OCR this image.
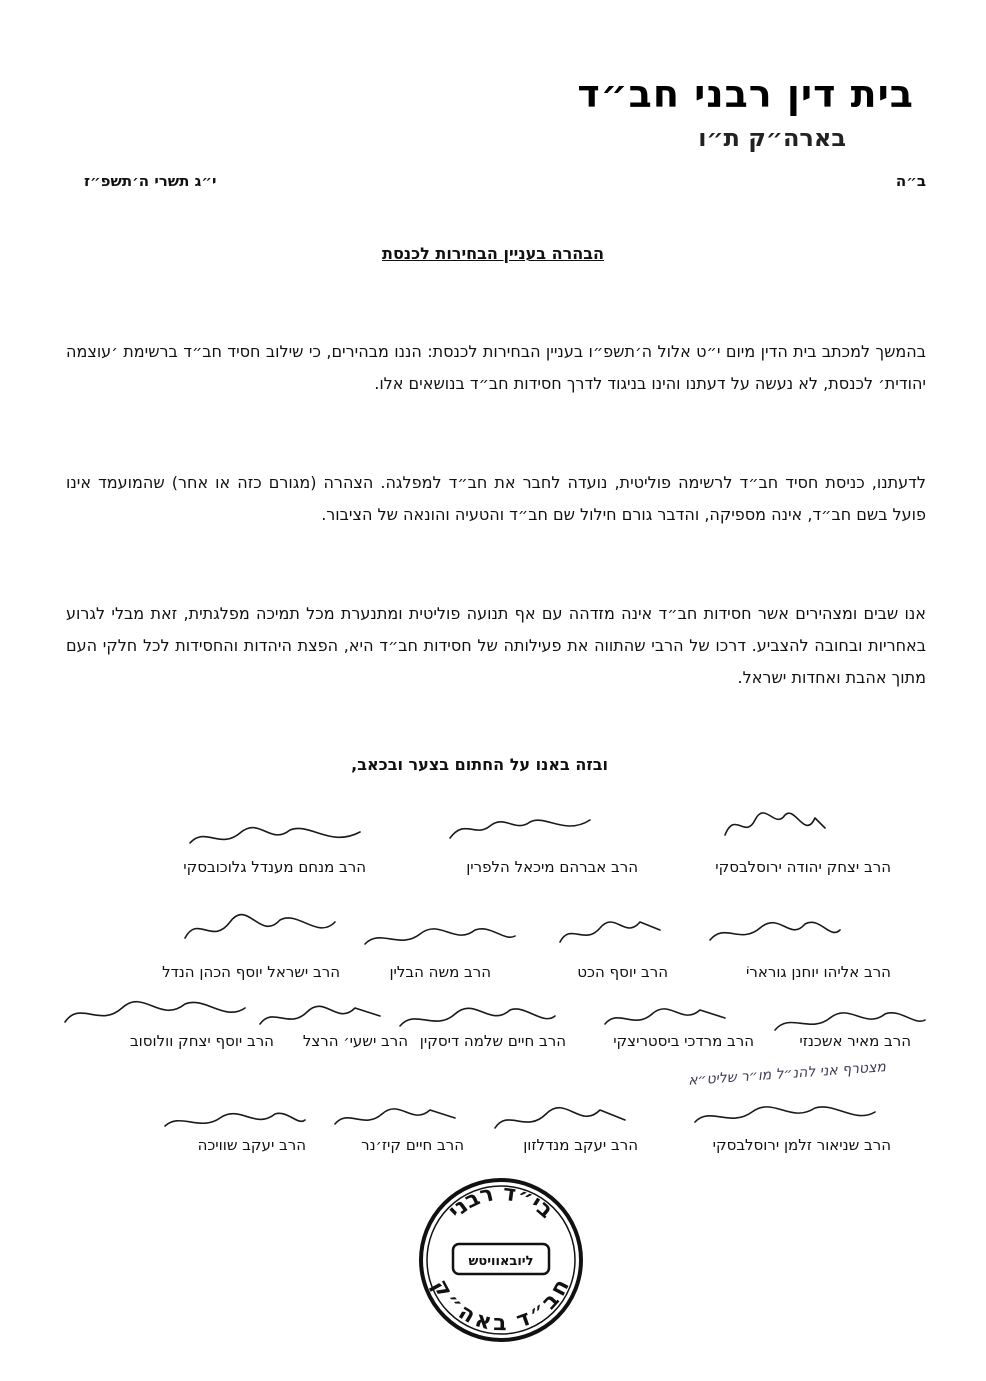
בית דין רבני חב״ד
בארה״ק ת״ו
ב״ה
י״ג תשרי ה׳תשפ״ז
הבהרה בעניין הבחירות לכנסת
בהמשך למכתב בית הדין מיום י״ט אלול ה׳תשפ״ו בעניין הבחירות לכנסת: הננו מבהירים, כי שילוב חסיד חב״ד ברשימת ׳עוצמה יהודית׳ לכנסת, לא נעשה על דעתנו והינו בניגוד לדרך חסידות חב״ד בנושאים אלו.
לדעתנו, כניסת חסיד חב״ד לרשימה פוליטית, נועדה לחבר את חב״ד למפלגה. הצהרה (מגורם כזה או אחר) שהמועמד אינו פועל בשם חב״ד, אינה מספיקה, והדבר גורם חילול שם חב״ד והטעיה והונאה של הציבור.
אנו שבים ומצהירים אשר חסידות חב״ד אינה מזדהה עם אף תנועה פוליטית ומתנערת מכל תמיכה מפלגתית, זאת מבלי לגרוע באחריות ובחובה להצביע. דרכו של הרבי שהתווה את פעילותה של חסידות חב״ד היא, הפצת היהדות והחסידות לכל חלקי העם מתוך אהבת ואחדות ישראל.
ובזה באנו על החתום בצער ובכאב,
הרב יצחק יהודה ירוסלבסקי
הרב אברהם מיכאל הלפרין
הרב מנחם מענדל גלוכובסקי
הרב אליהו יוחנן גוראריׂ
הרב יוסף הכט
הרב משה הבלין
הרב ישראל יוסף הכהן הנדל
הרב מאיר אשכנזי
הרב מרדכי ביסטריצקי
הרב חיים שלמה דיסקין
הרב ישעי׳ הרצל
הרב יוסף יצחק וולוסוב
מצטרף אני להנ״ל מו״ר שליט״א
הרב שניאור זלמן ירוסלבסקי
הרב יעקב מנדלזון
הרב חיים קיז׳נר
הרב יעקב שוויכה
בי״ד רבני
ליובאוויטש
חב״ד באה״ק
